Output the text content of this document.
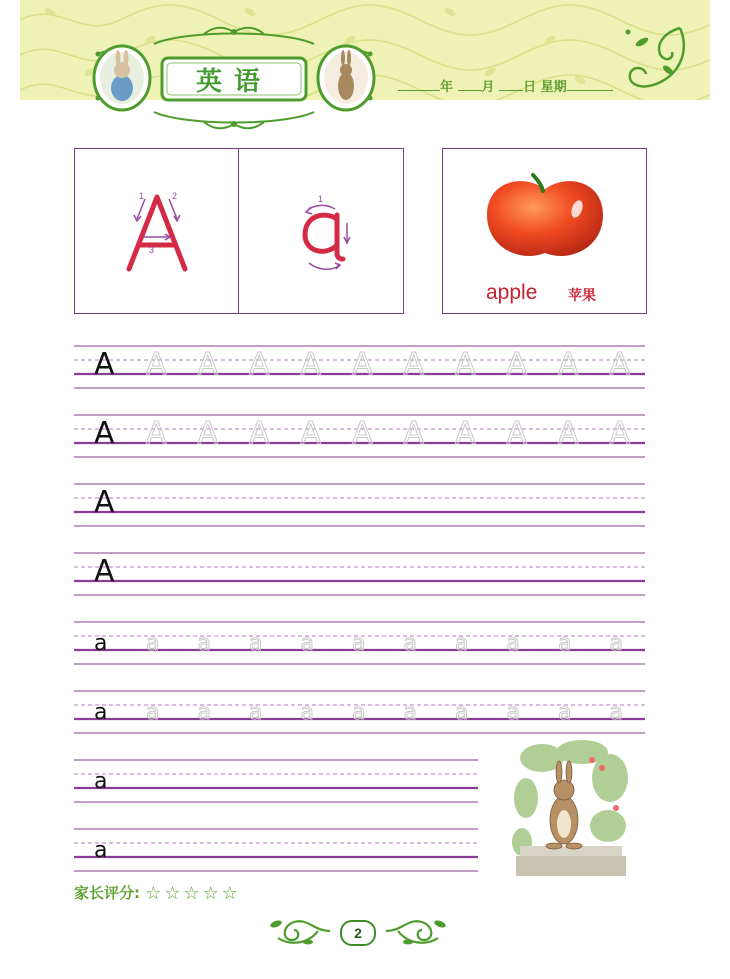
英语	年 月 日 星期
1	2
3
1
apple 苹果
A A A A A A A A A A A
A A A A A A A A A A A
A
A
a a a a a a a a a a a
a a a a a a a a a a a
a
a
家长评分: ☆☆☆☆☆
2
